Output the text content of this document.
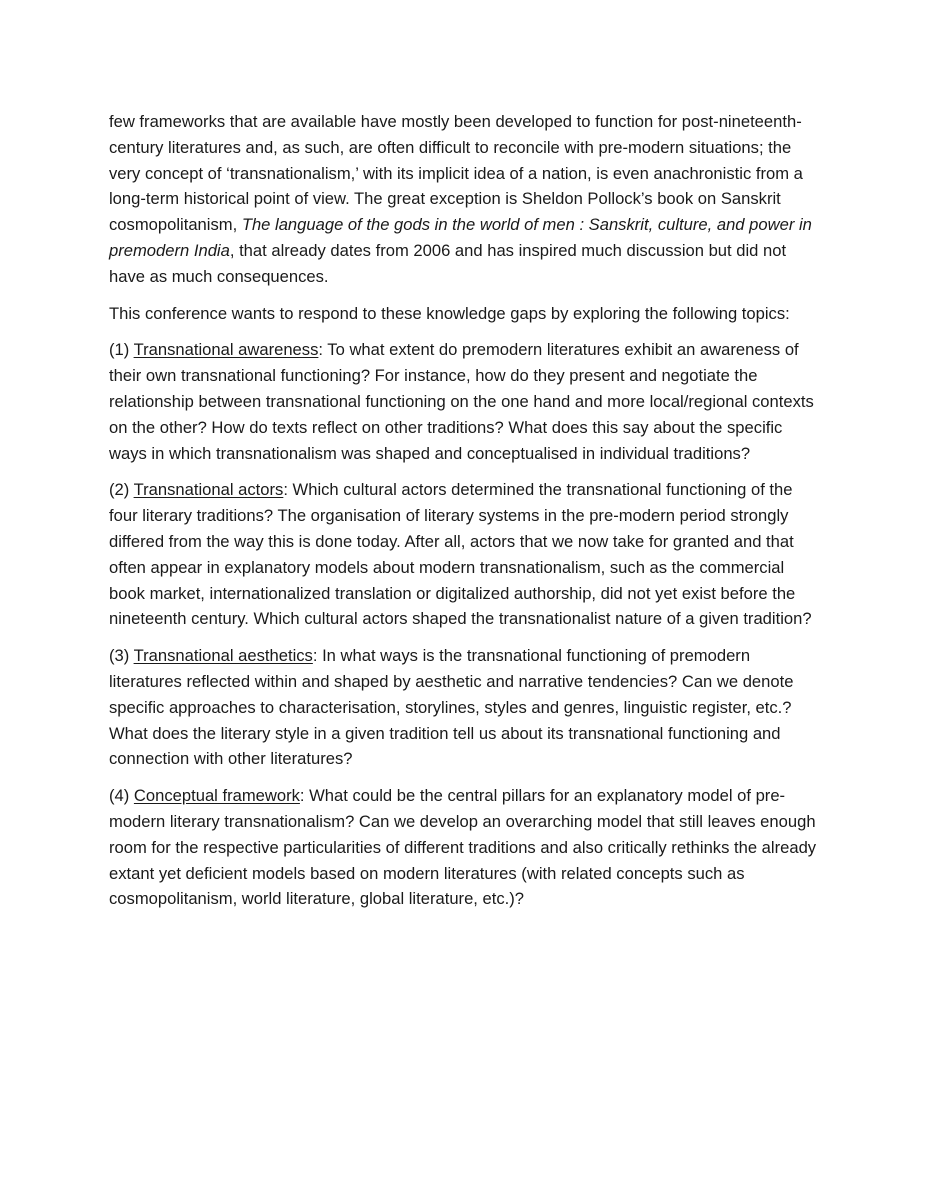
few frameworks that are available have mostly been developed to function for post-nineteenth-century literatures and, as such, are often difficult to reconcile with pre-modern situations; the very concept of ‘transnationalism,’ with its implicit idea of a nation, is even anachronistic from a long-term historical point of view. The great exception is Sheldon Pollock’s book on Sanskrit cosmopolitanism, The language of the gods in the world of men : Sanskrit, culture, and power in premodern India, that already dates from 2006 and has inspired much discussion but did not have as much consequences.

This conference wants to respond to these knowledge gaps by exploring the following topics:

(1) Transnational awareness: To what extent do premodern literatures exhibit an awareness of their own transnational functioning? For instance, how do they present and negotiate the relationship between transnational functioning on the one hand and more local/regional contexts on the other? How do texts reflect on other traditions? What does this say about the specific ways in which transnationalism was shaped and conceptualised in individual traditions?

(2) Transnational actors: Which cultural actors determined the transnational functioning of the four literary traditions? The organisation of literary systems in the pre-modern period strongly differed from the way this is done today. After all, actors that we now take for granted and that often appear in explanatory models about modern transnationalism, such as the commercial book market, internationalized translation or digitalized authorship, did not yet exist before the nineteenth century. Which cultural actors shaped the transnationalist nature of a given tradition?

(3) Transnational aesthetics: In what ways is the transnational functioning of premodern literatures reflected within and shaped by aesthetic and narrative tendencies? Can we denote specific approaches to characterisation, storylines, styles and genres, linguistic register, etc.? What does the literary style in a given tradition tell us about its transnational functioning and connection with other literatures?

(4) Conceptual framework: What could be the central pillars for an explanatory model of pre-modern literary transnationalism? Can we develop an overarching model that still leaves enough room for the respective particularities of different traditions and also critically rethinks the already extant yet deficient models based on modern literatures (with related concepts such as cosmopolitanism, world literature, global literature, etc.)?
